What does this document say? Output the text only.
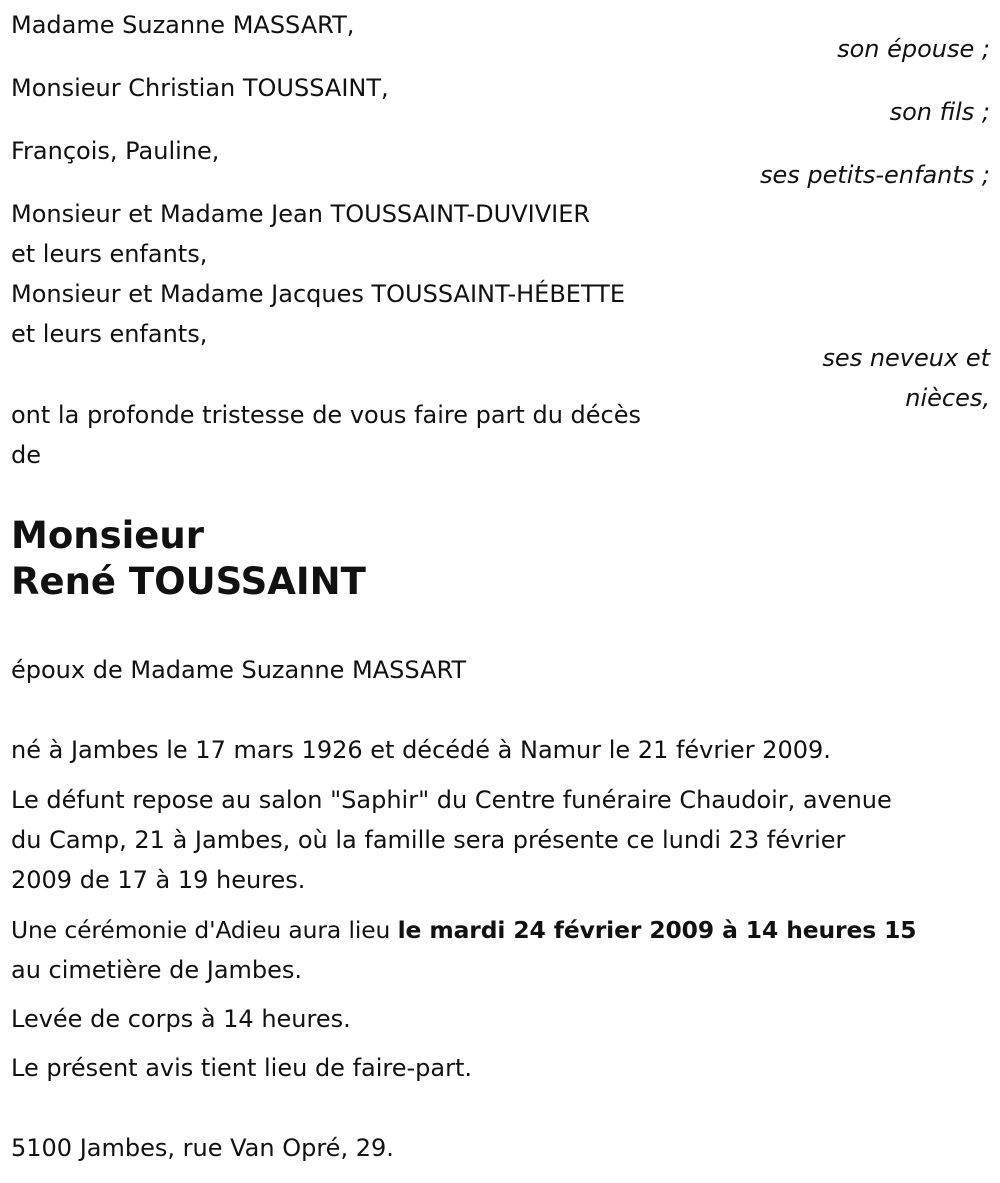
Madame Suzanne MASSART,
son épouse ;
Monsieur Christian TOUSSAINT,
son fils ;
François, Pauline,
ses petits-enfants ;
Monsieur et Madame Jean TOUSSAINT-DUVIVIER
et leurs enfants,
Monsieur et Madame Jacques TOUSSAINT-HÉBETTE
et leurs enfants,
ses neveux et
nièces,
ont la profonde tristesse de vous faire part du décès
de
Monsieur
René TOUSSAINT
époux de Madame Suzanne MASSART
né à Jambes le 17 mars 1926 et décédé à Namur le 21 février 2009.
Le défunt repose au salon "Saphir" du Centre funéraire Chaudoir, avenue
du Camp, 21 à Jambes, où la famille sera présente ce lundi 23 février
2009 de 17 à 19 heures.
Une cérémonie d'Adieu aura lieu le mardi 24 février 2009 à 14 heures 15
au cimetière de Jambes.
Levée de corps à 14 heures.
Le présent avis tient lieu de faire-part.
5100 Jambes, rue Van Opré, 29.
